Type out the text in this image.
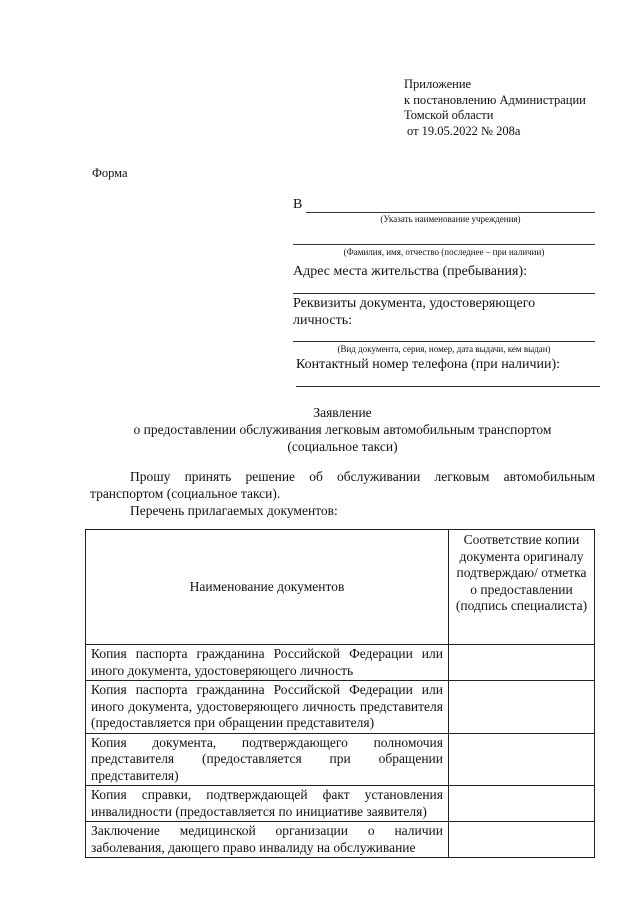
Приложение
к постановлению Администрации
Томской области
от 19.05.2022 № 208а
Форма
В
(Указать наименование учреждения)
(Фамилия, имя, отчество (последнее – при наличии)
Адрес места жительства (пребывания):
Реквизиты документа, удостоверяющего
личность:
(Вид документа, серия, номер, дата выдачи, кем выдан)
Контактный номер телефона (при наличии):
Заявление
о предоставлении обслуживания легковым автомобильным транспортом
(социальное такси)
Прошу принять решение об обслуживании легковым автомобильным транспортом (социальное такси).
Перечень прилагаемых документов:
Наименование документов	Соответствие копии документа оригиналу подтверждаю/ отметка о предоставлении (подпись специалиста)
Копия паспорта гражданина Российской Федерации или иного документа, удостоверяющего личность	
Копия паспорта гражданина Российской Федерации или иного документа, удостоверяющего личность представителя (предоставляется при обращении представителя)	
Копия документа, подтверждающего полномочия представителя (предоставляется при обращении представителя)	
Копия справки, подтверждающей факт установления инвалидности (предоставляется по инициативе заявителя)	
Заключение медицинской организации о наличии заболевания, дающего право инвалиду на обслуживание	
